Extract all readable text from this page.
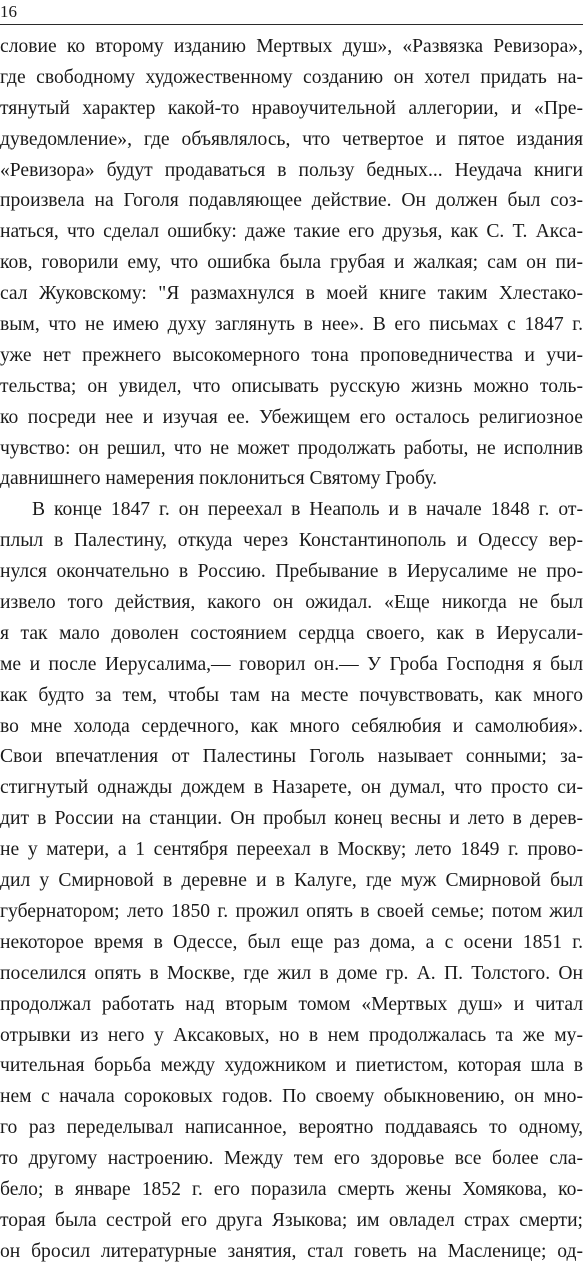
16
словие ко второму изданию Мертвых душ», «Развязка Ревизора»,
где свободному художественному созданию он хотел придать на-
тянутый характер какой-то нравоучительной аллегории, и «Пре-
дуведомление», где объявлялось, что четвертое и пятое издания
«Ревизора» будут продаваться в пользу бедных... Неудача книги
произвела на Гоголя подавляющее действие. Он должен был соз-
наться, что сделал ошибку: даже такие его друзья, как С. Т. Акса-
ков, говорили ему, что ошибка была грубая и жалкая; сам он пи-
сал Жуковскому: "Я размахнулся в моей книге таким Хлестако-
вым, что не имею духу заглянуть в нее». В его письмах с 1847 г.
уже нет прежнего высокомерного тона проповедничества и учи-
тельства; он увидел, что описывать русскую жизнь можно толь-
ко посреди нее и изучая ее. Убежищем его осталось религиозное
чувство: он решил, что не может продолжать работы, не исполнив
давнишнего намерения поклониться Святому Гробу.
В конце 1847 г. он переехал в Неаполь и в начале 1848 г. от-
плыл в Палестину, откуда через Константинополь и Одессу вер-
нулся окончательно в Россию. Пребывание в Иерусалиме не про-
извело того действия, какого он ожидал. «Еще никогда не был
я так мало доволен состоянием сердца своего, как в Иерусали-
ме и после Иерусалима,— говорил он.— У Гроба Господня я был
как будто за тем, чтобы там на месте почувствовать, как много
во мне холода сердечного, как много себялюбия и самолюбия».
Свои впечатления от Палестины Гоголь называет сонными; за-
стигнутый однажды дождем в Назарете, он думал, что просто си-
дит в России на станции. Он пробыл конец весны и лето в дерев-
не у матери, а 1 сентября переехал в Москву; лето 1849 г. прово-
дил у Смирновой в деревне и в Калуге, где муж Смирновой был
губернатором; лето 1850 г. прожил опять в своей семье; потом жил
некоторое время в Одессе, был еще раз дома, а с осени 1851 г.
поселился опять в Москве, где жил в доме гр. А. П. Толстого. Он
продолжал работать над вторым томом «Мертвых душ» и читал
отрывки из него у Аксаковых, но в нем продолжалась та же му-
чительная борьба между художником и пиетистом, которая шла в
нем с начала сороковых годов. По своему обыкновению, он мно-
го раз переделывал написанное, вероятно поддаваясь то одному,
то другому настроению. Между тем его здоровье все более сла-
бело; в январе 1852 г. его поразила смерть жены Хомякова, ко-
торая была сестрой его друга Языкова; им овладел страх смерти;
он бросил литературные занятия, стал говеть на Масленице; од-
